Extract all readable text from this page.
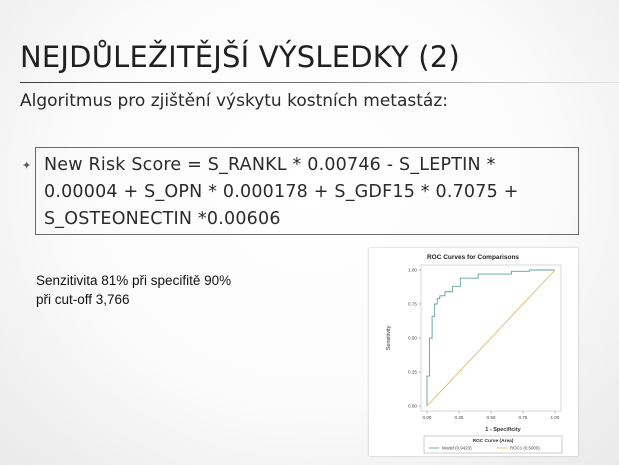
NEJDŮLEŽITĚJŠÍ VÝSLEDKY (2)
Algoritmus pro zjištění výskytu kostních metastáz:
✦ New Risk Score = S_RANKL * 0.00746 - S_LEPTIN *
0.00004 + S_OPN * 0.000178 + S_GDF15 * 0.7075 +
S_OSTEONECTIN *0.00606
Senzitivita 81% při specifitě 90%
při cut-off 3,766
ROC Curves for Comparisons
Sensitivity
1 - Specificity
0.00	0.25	0.50	0.75	1.00
0.00
0.25
0.50
0.75
1.00
ROC Curve (Area)
Model (0.9420)	ROC1 (0.5000)
